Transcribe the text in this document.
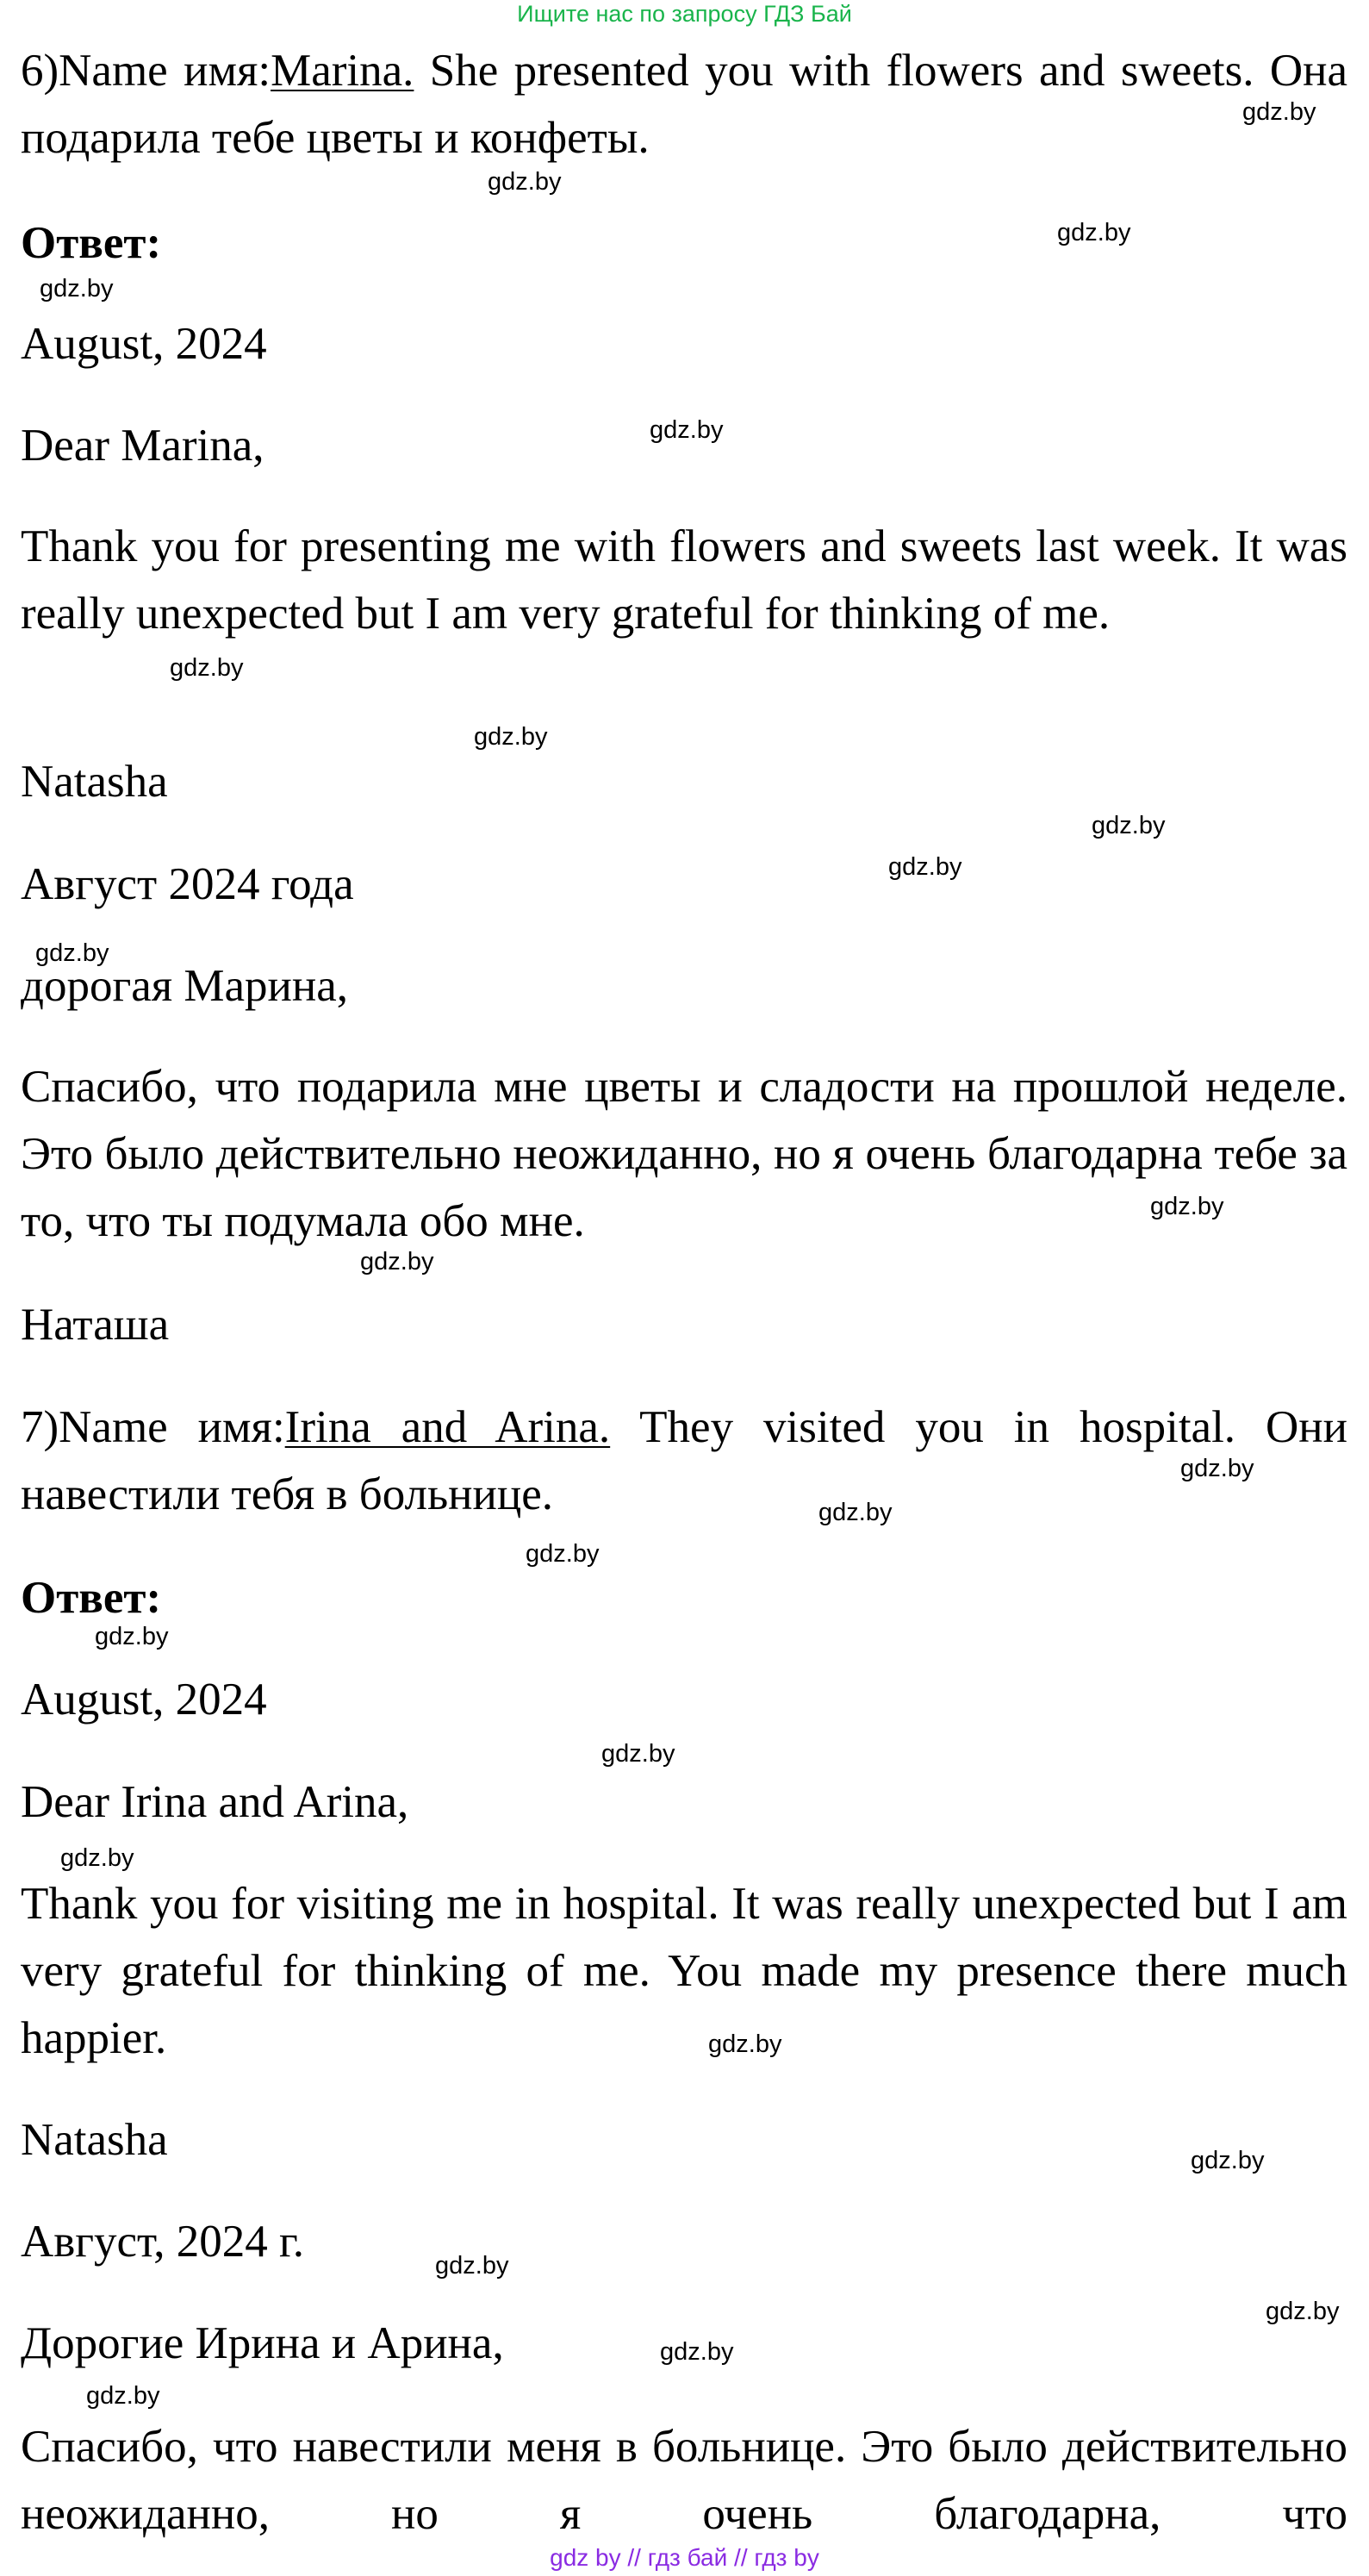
Ищите нас по запросу ГДЗ Бай
6)Name имя:Marina. She presented you with flowers and sweets. Она подарила тебе цветы и конфеты.
Ответ:
August, 2024
Dear Marina,
Thank you for presenting me with flowers and sweets last week. It was really unexpected but I am very grateful for thinking of me.
Natasha
Август 2024 года
дорогая Марина,
Спасибо, что подарила мне цветы и сладости на прошлой неделе. Это было действительно неожиданно, но я очень благодарна тебе за то, что ты подумала обо мне.
Наташа
7)Name имя:Irina and Arina. They visited you in hospital. Они навестили тебя в больнице.
Ответ:
August, 2024
Dear Irina and Arina,
Thank you for visiting me in hospital. It was really unexpected but I am very grateful for thinking of me. You made my presence there much happier.
Natasha
Август, 2024 г.
Дорогие Ирина и Арина,
Спасибо, что навестили меня в больнице. Это было действительно неожиданно, но я очень благодарна, что
gdz.by
gdz.by
gdz.by
gdz.by
gdz.by
gdz.by
gdz.by
gdz.by
gdz.by
gdz.by
gdz.by
gdz.by
gdz.by
gdz.by
gdz.by
gdz.by
gdz.by
gdz.by
gdz.by
gdz.by
gdz.by
gdz.by
gdz.by
gdz.by
gdz by // гдз бай // гдз by
